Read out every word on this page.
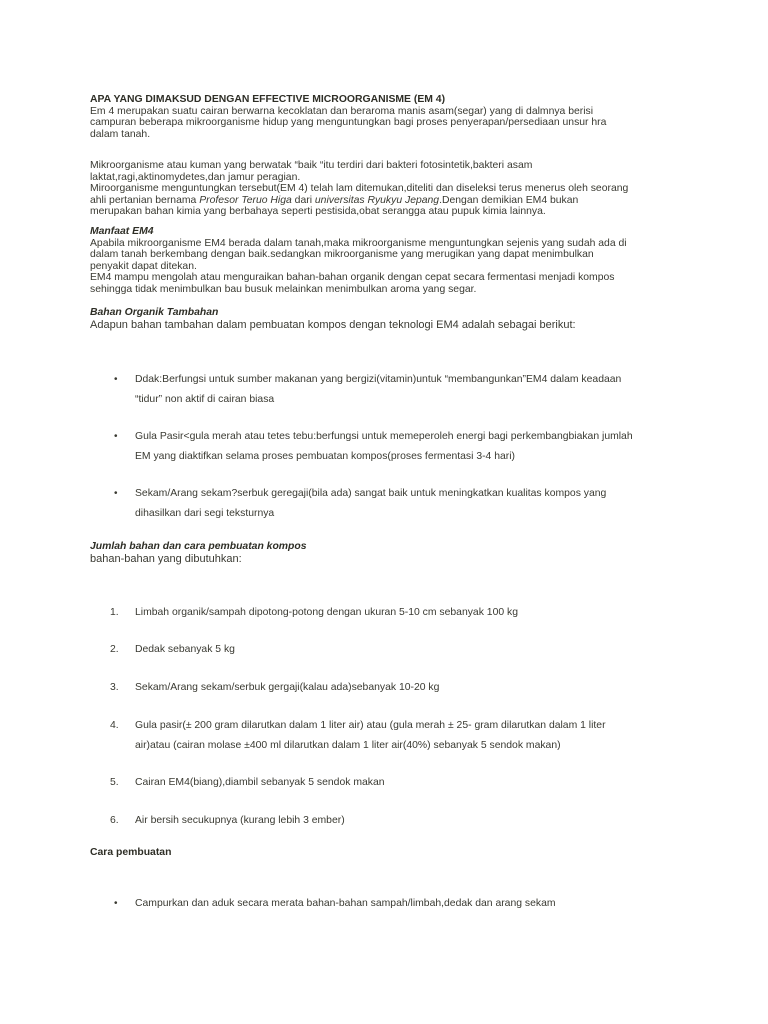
APA YANG DIMAKSUD DENGAN EFFECTIVE MICROORGANISME (EM 4)
Em 4 merupakan suatu cairan berwarna kecoklatan dan beraroma manis asam(segar) yang di dalmnya berisi
campuran beberapa mikroorganisme hidup yang menguntungkan bagi proses penyerapan/persediaan unsur hra
dalam tanah.
Mikroorganisme atau kuman yang berwatak “baik “itu terdiri dari bakteri fotosintetik,bakteri asam
laktat,ragi,aktinomydetes,dan jamur peragian.
Miroorganisme menguntungkan tersebut(EM 4) telah lam ditemukan,diteliti dan diseleksi terus menerus oleh seorang
ahli pertanian bernama Profesor Teruo Higa dari universitas Ryukyu Jepang.Dengan demikian EM4 bukan
merupakan bahan kimia yang berbahaya seperti pestisida,obat serangga atau pupuk kimia lainnya.
Manfaat EM4
Apabila mikroorganisme EM4 berada dalam tanah,maka mikroorganisme menguntungkan sejenis yang sudah ada di
dalam tanah berkembang dengan baik.sedangkan mikroorganisme yang merugikan yang dapat menimbulkan
penyakit dapat ditekan.
EM4 mampu mengolah atau menguraikan bahan-bahan organik dengan cepat secara fermentasi menjadi kompos
sehingga tidak menimbulkan bau busuk melainkan menimbulkan aroma yang segar.
Bahan Organik Tambahan
Adapun bahan tambahan dalam pembuatan kompos dengan teknologi EM4 adalah sebagai berikut:
• Ddak:Berfungsi untuk sumber makanan yang bergizi(vitamin)untuk “membangunkan”EM4 dalam keadaan
“tidur” non aktif di cairan biasa
• Gula Pasir<gula merah atau tetes tebu:berfungsi untuk memeperoleh energi bagi perkembangbiakan jumlah
EM yang diaktifkan selama proses pembuatan kompos(proses fermentasi 3-4 hari)
• Sekam/Arang sekam?serbuk geregaji(bila ada) sangat baik untuk meningkatkan kualitas kompos yang
dihasilkan dari segi teksturnya
Jumlah bahan dan cara pembuatan kompos
bahan-bahan yang dibutuhkan:
1.	Limbah organik/sampah dipotong-potong dengan ukuran 5-10 cm sebanyak 100 kg
2.	Dedak sebanyak 5 kg
3.	Sekam/Arang sekam/serbuk gergaji(kalau ada)sebanyak 10-20 kg
4.	Gula pasir(± 200 gram dilarutkan dalam 1 liter air) atau (gula merah ± 25- gram dilarutkan dalam 1 liter
air)atau (cairan molase ±400 ml dilarutkan dalam 1 liter air(40%) sebanyak 5 sendok makan)
5.	Cairan EM4(biang),diambil sebanyak 5 sendok makan
6.	Air bersih secukupnya (kurang lebih 3 ember)
Cara pembuatan
• Campurkan dan aduk secara merata bahan-bahan sampah/limbah,dedak dan arang sekam
